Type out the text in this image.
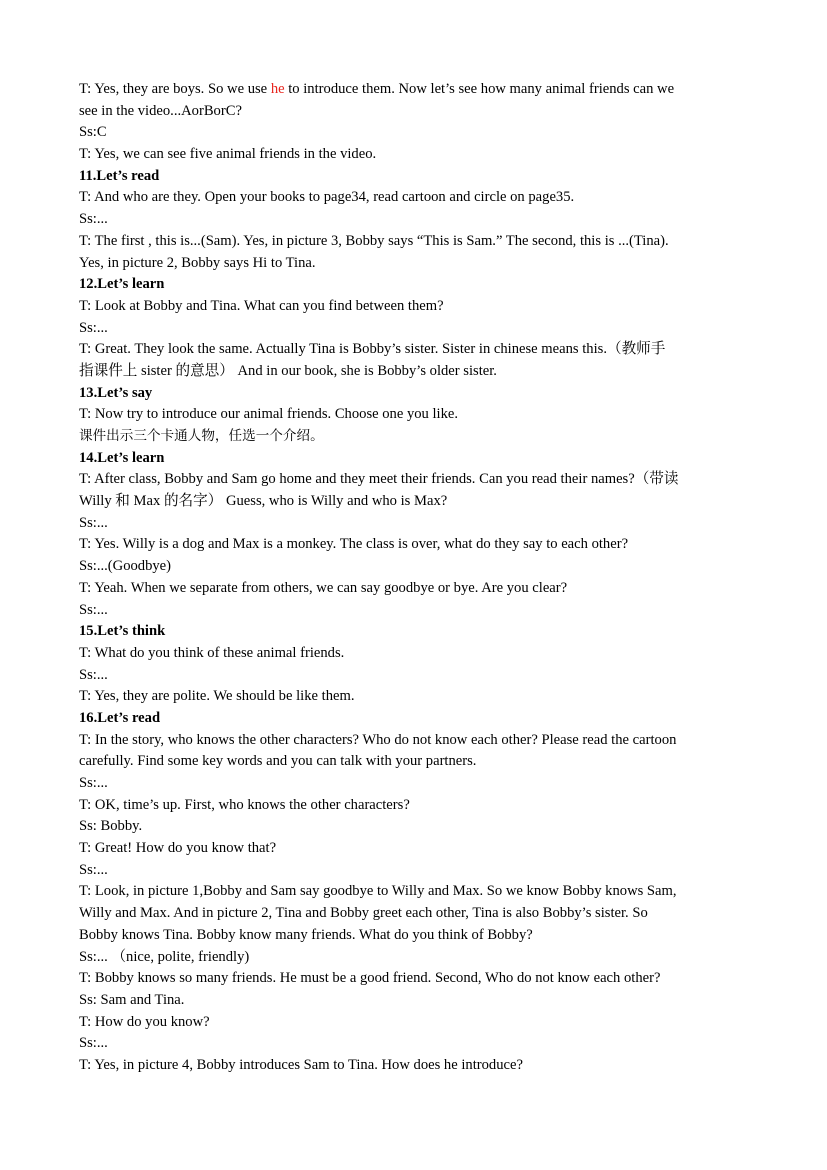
T: Yes, they are boys. So we use he to introduce them. Now let’s see how many animal friends can we
see in the video...AorBorC?
Ss:C
T: Yes, we can see five animal friends in the video.
11.Let’s read
T: And who are they. Open your books to page34, read cartoon and circle on page35.
Ss:...
T: The first , this is...(Sam). Yes, in picture 3, Bobby says “This is Sam.” The second, this is ...(Tina).
Yes, in picture 2, Bobby says Hi to Tina.
12.Let’s learn
T: Look at Bobby and Tina. What can you find between them?
Ss:...
T: Great. They look the same. Actually Tina is Bobby’s sister. Sister in chinese means this.（教师手
指课件上 sister 的意思） And in our book, she is Bobby’s older sister.
13.Let’s say
T: Now try to introduce our animal friends. Choose one you like.
课件出示三个卡通人物，任选一个介绍。
14.Let’s learn
T: After class, Bobby and Sam go home and they meet their friends. Can you read their names?（带读
Willy 和 Max 的名字） Guess, who is Willy and who is Max?
Ss:...
T: Yes. Willy is a dog and Max is a monkey. The class is over, what do they say to each other?
Ss:...(Goodbye)
T: Yeah. When we separate from others, we can say goodbye or bye. Are you clear?
Ss:...
15.Let’s think
T: What do you think of these animal friends.
Ss:...
T: Yes, they are polite. We should be like them.
16.Let’s read
T: In the story, who knows the other characters? Who do not know each other? Please read the cartoon
carefully. Find some key words and you can talk with your partners.
Ss:...
T: OK, time’s up. First, who knows the other characters?
Ss: Bobby.
T: Great! How do you know that?
Ss:...
T: Look, in picture 1,Bobby and Sam say goodbye to Willy and Max. So we know Bobby knows Sam,
Willy and Max. And in picture 2, Tina and Bobby greet each other, Tina is also Bobby’s sister. So
Bobby knows Tina. Bobby know many friends. What do you think of Bobby?
Ss:... （nice, polite, friendly)
T: Bobby knows so many friends. He must be a good friend. Second, Who do not know each other?
Ss: Sam and Tina.
T: How do you know?
Ss:...
T: Yes, in picture 4, Bobby introduces Sam to Tina. How does he introduce?
